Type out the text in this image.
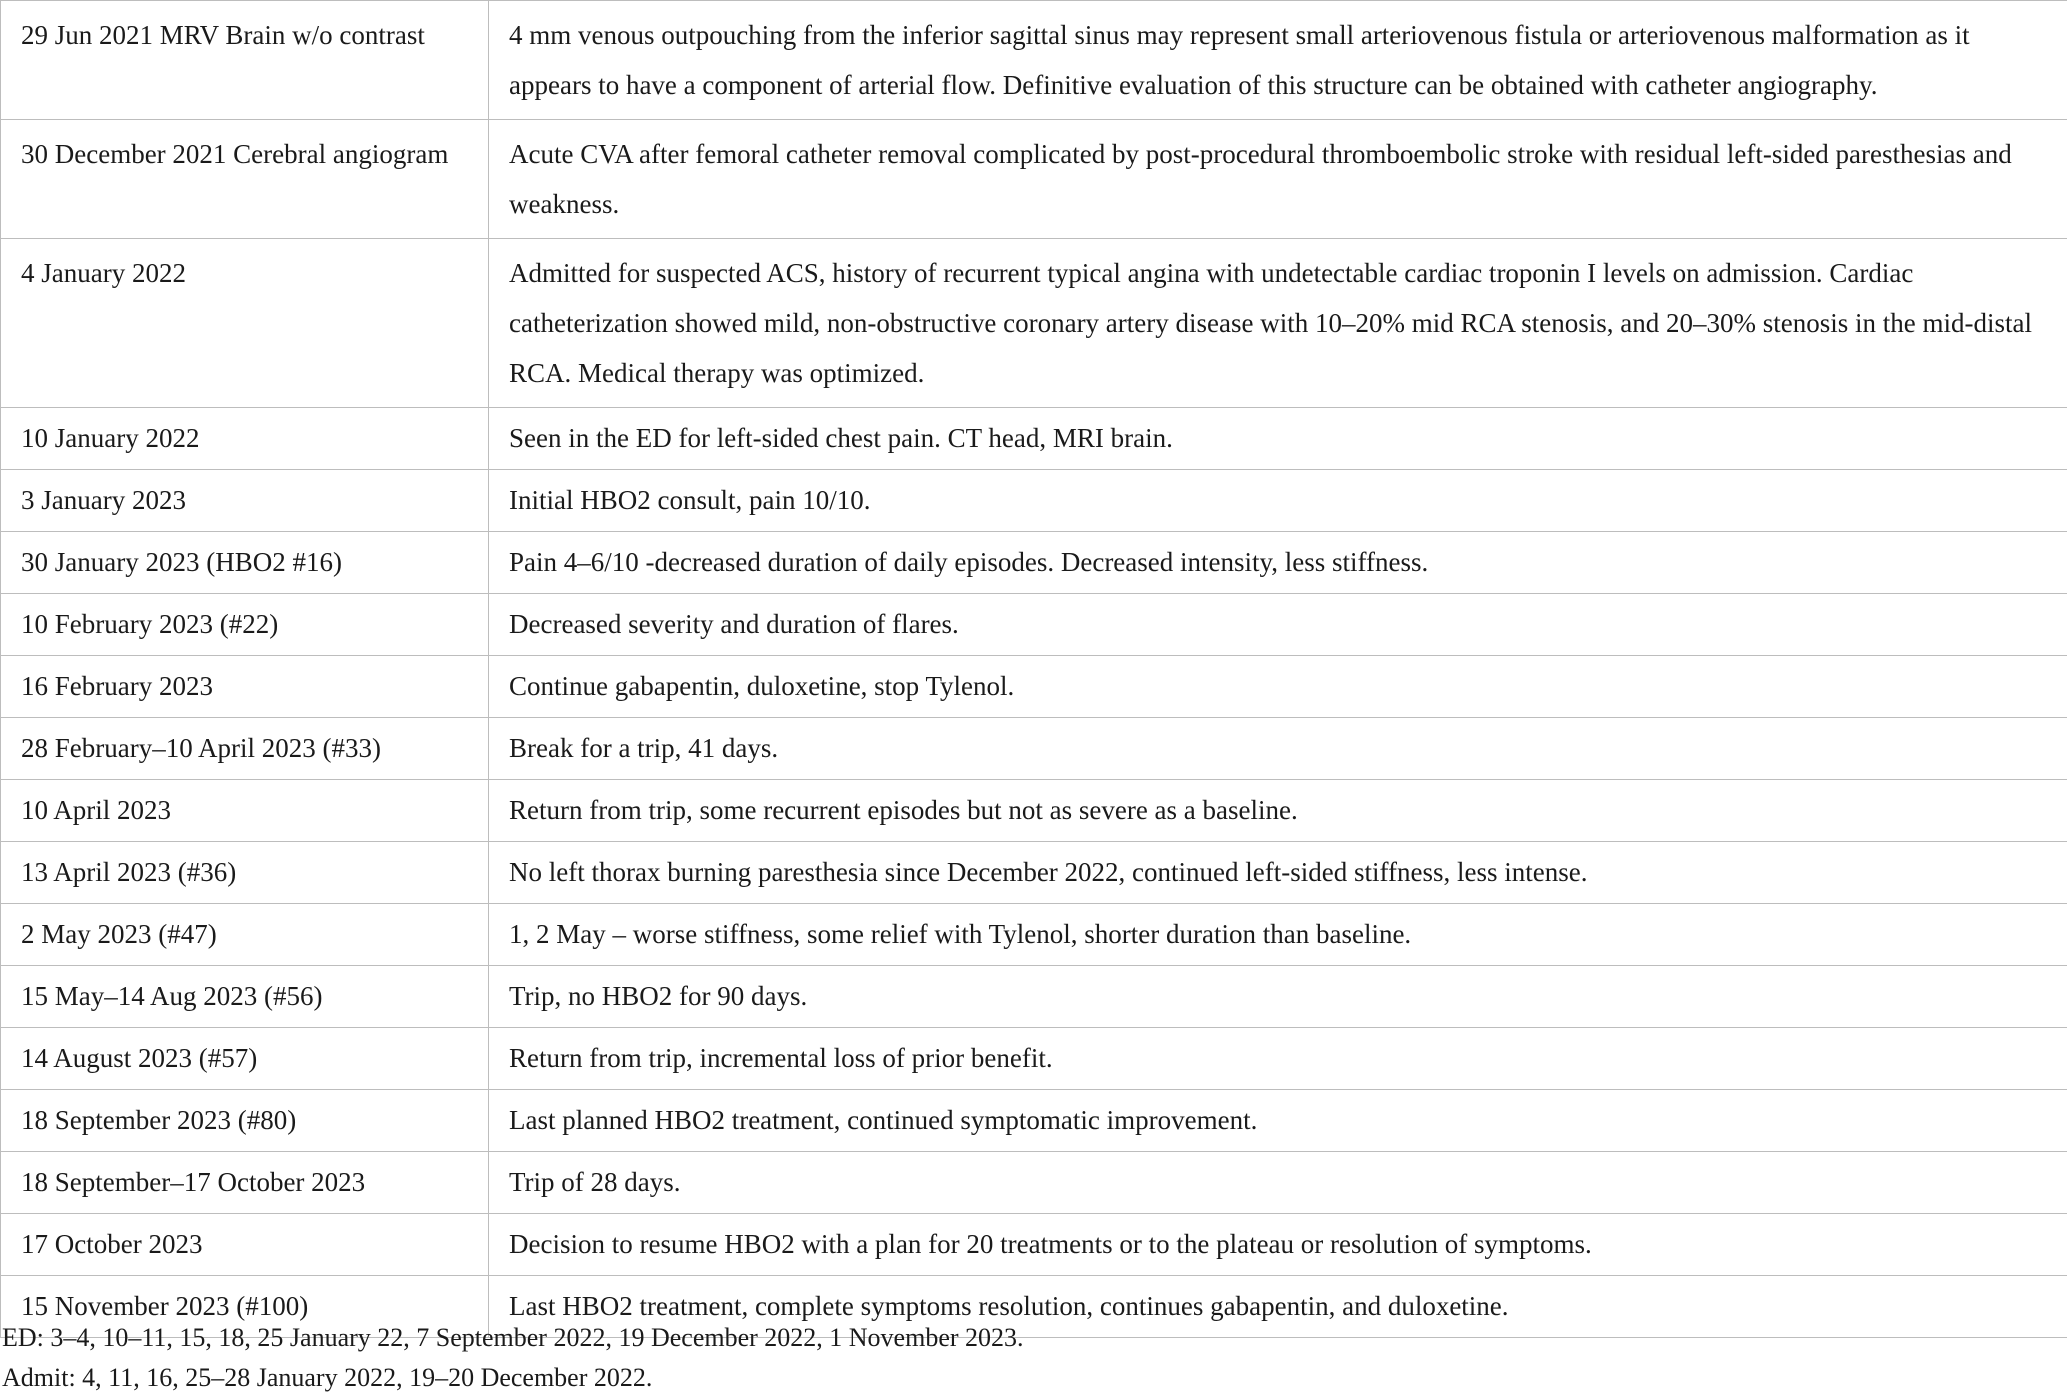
29 Jun 2021 MRV Brain w/o contrast	4 mm venous outpouching from the inferior sagittal sinus may represent small arteriovenous fistula or arteriovenous malformation as it appears to have a component of arterial flow. Definitive evaluation of this structure can be obtained with catheter angiography.
30 December 2021 Cerebral angiogram	Acute CVA after femoral catheter removal complicated by post-procedural thromboembolic stroke with residual left-sided paresthesias and weakness.
4 January 2022	Admitted for suspected ACS, history of recurrent typical angina with undetectable cardiac troponin I levels on admission. Cardiac catheterization showed mild, non-obstructive coronary artery disease with 10–20% mid RCA stenosis, and 20–30% stenosis in the mid-distal RCA. Medical therapy was optimized.
10 January 2022	Seen in the ED for left-sided chest pain. CT head, MRI brain.
3 January 2023	Initial HBO2 consult, pain 10/10.
30 January 2023 (HBO2 #16)	Pain 4–6/10 -decreased duration of daily episodes. Decreased intensity, less stiffness.
10 February 2023 (#22)	Decreased severity and duration of flares.
16 February 2023	Continue gabapentin, duloxetine, stop Tylenol.
28 February–10 April 2023 (#33)	Break for a trip, 41 days.
10 April 2023	Return from trip, some recurrent episodes but not as severe as a baseline.
13 April 2023 (#36)	No left thorax burning paresthesia since December 2022, continued left-sided stiffness, less intense.
2 May 2023 (#47)	1, 2 May – worse stiffness, some relief with Tylenol, shorter duration than baseline.
15 May–14 Aug 2023 (#56)	Trip, no HBO2 for 90 days.
14 August 2023 (#57)	Return from trip, incremental loss of prior benefit.
18 September 2023 (#80)	Last planned HBO2 treatment, continued symptomatic improvement.
18 September–17 October 2023	Trip of 28 days.
17 October 2023	Decision to resume HBO2 with a plan for 20 treatments or to the plateau or resolution of symptoms.
15 November 2023 (#100)	Last HBO2 treatment, complete symptoms resolution, continues gabapentin, and duloxetine.
ED: 3–4, 10–11, 15, 18, 25 January 22, 7 September 2022, 19 December 2022, 1 November 2023.
Admit: 4, 11, 16, 25–28 January 2022, 19–20 December 2022.
